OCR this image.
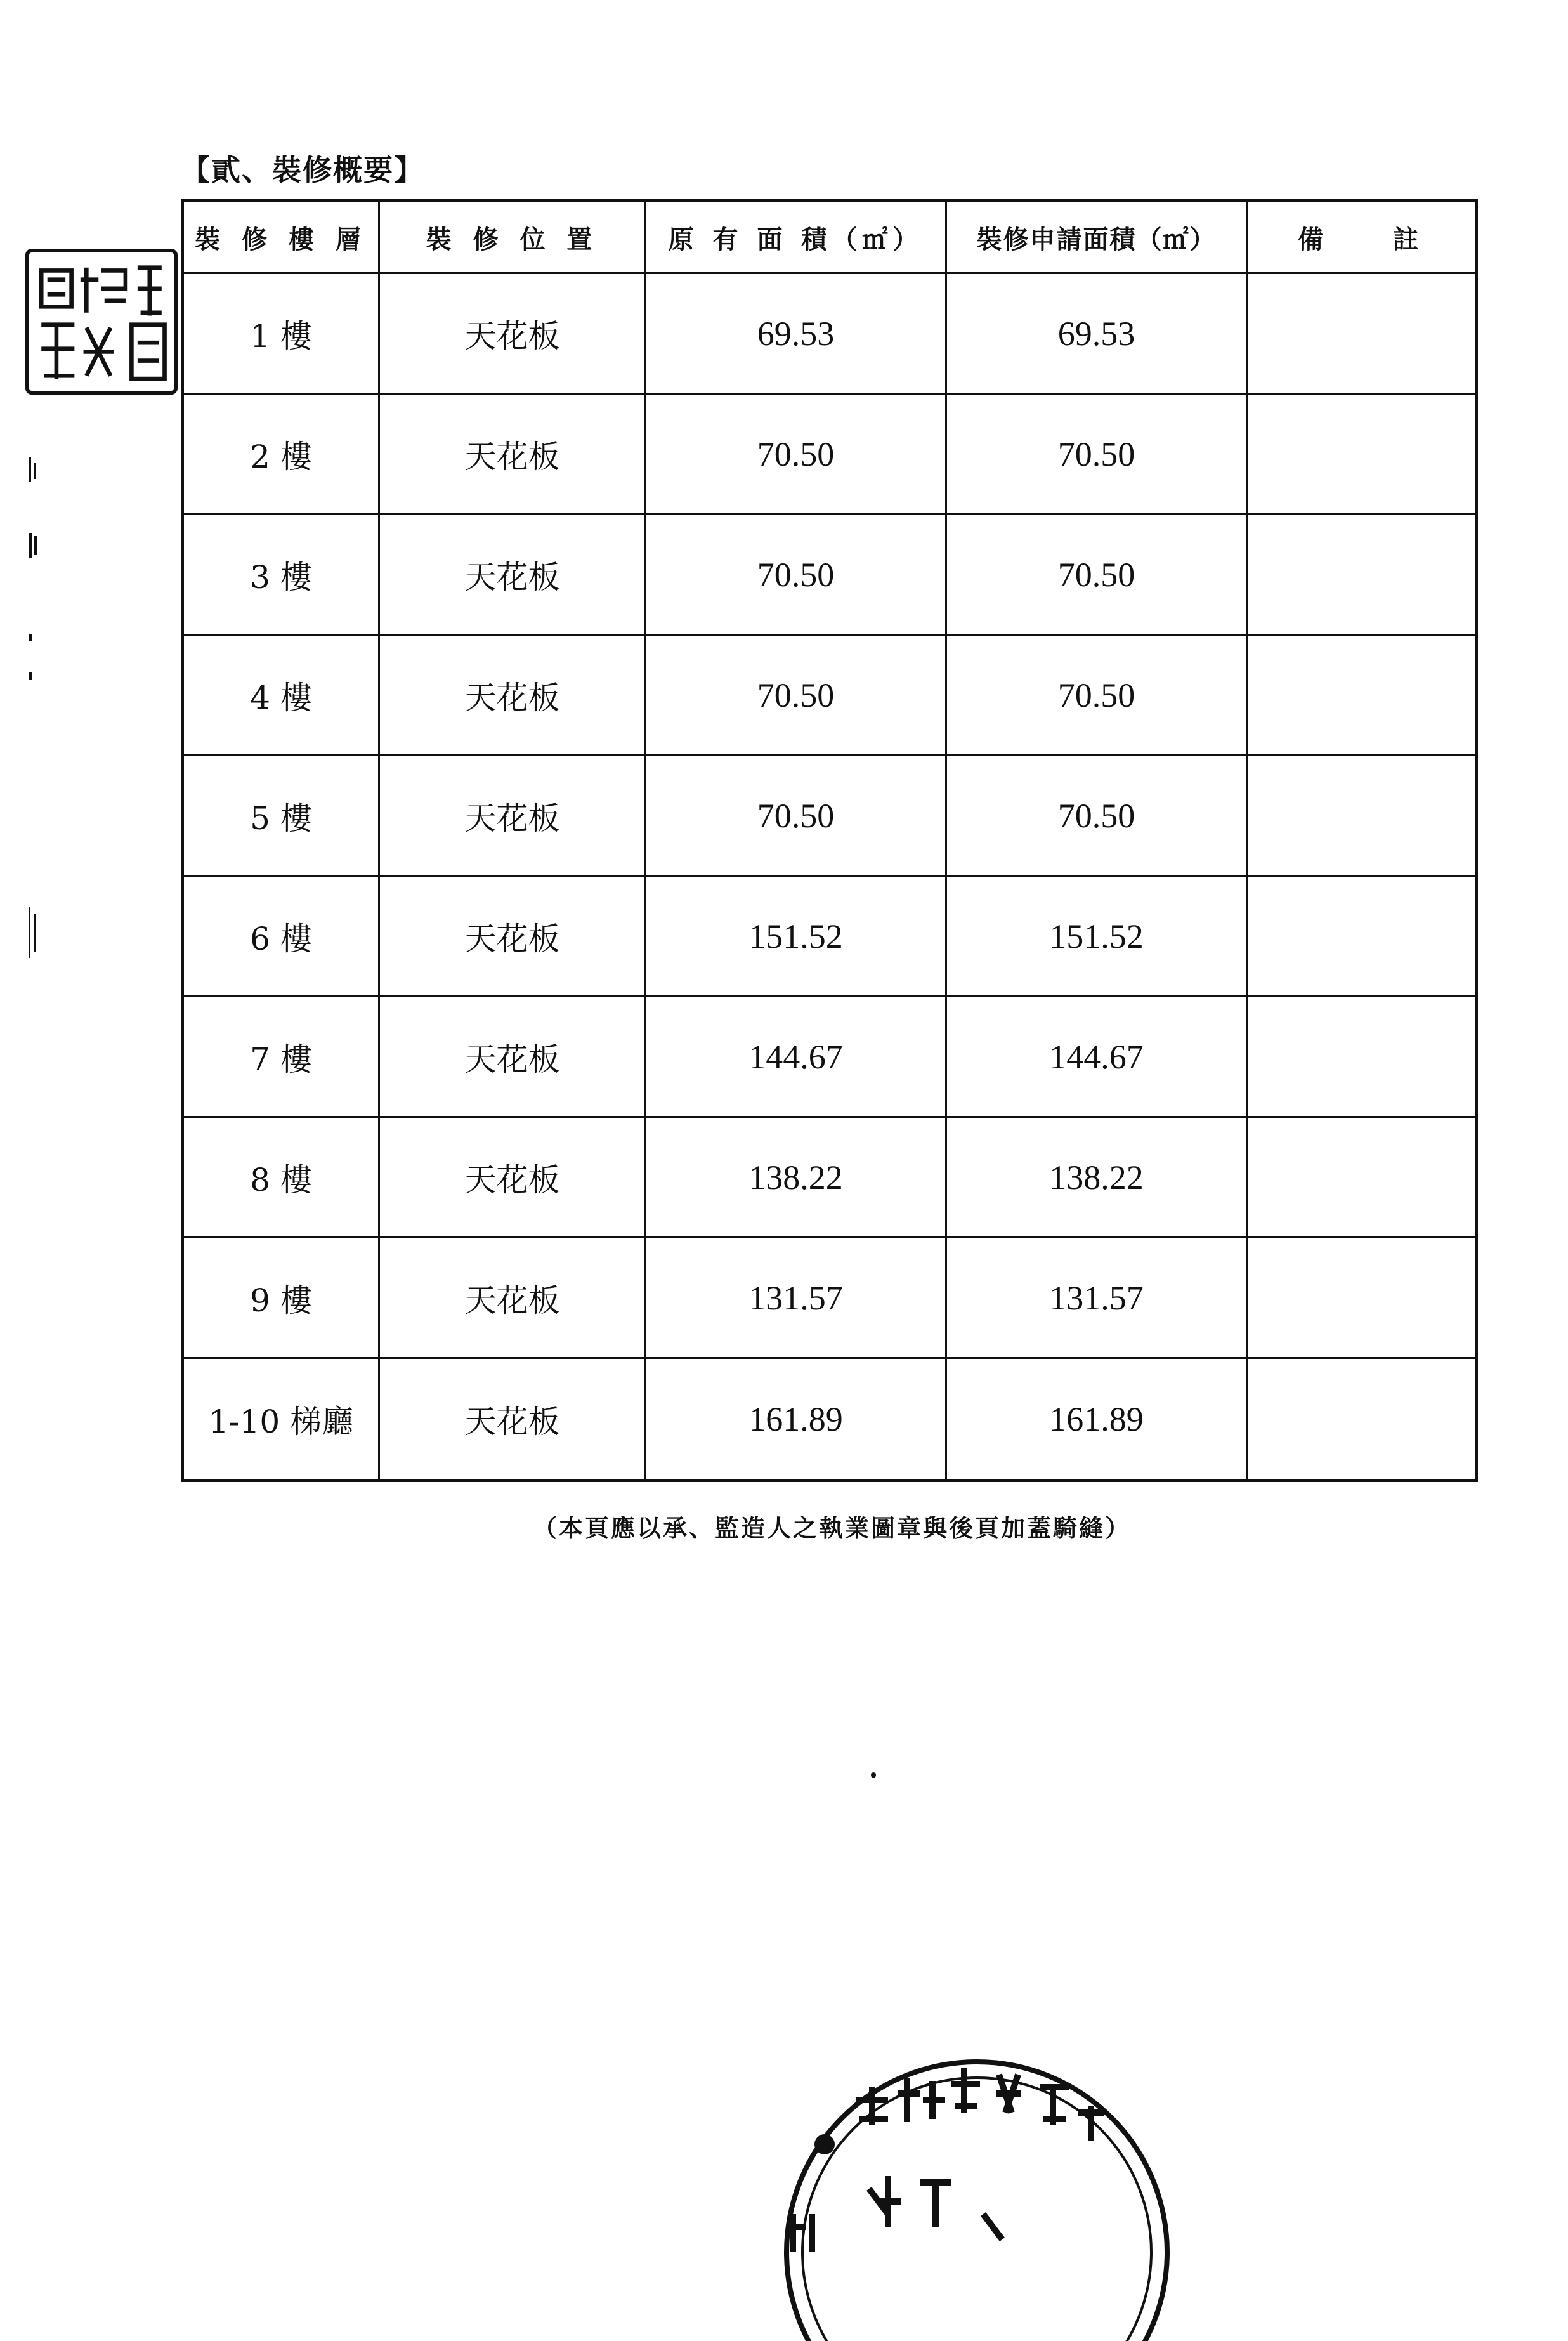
【貳、裝修概要】
裝 修 樓 層	裝 修 位 置	原 有 面 積（㎡）	裝修申請面積（㎡）	備　　註
1 樓	天花板	69.53	69.53	
2 樓	天花板	70.50	70.50	
3 樓	天花板	70.50	70.50	
4 樓	天花板	70.50	70.50	
5 樓	天花板	70.50	70.50	
6 樓	天花板	151.52	151.52	
7 樓	天花板	144.67	144.67	
8 樓	天花板	138.22	138.22	
9 樓	天花板	131.57	131.57	
1-10 梯廳	天花板	161.89	161.89	
（本頁應以承、監造人之執業圖章與後頁加蓋騎縫）
